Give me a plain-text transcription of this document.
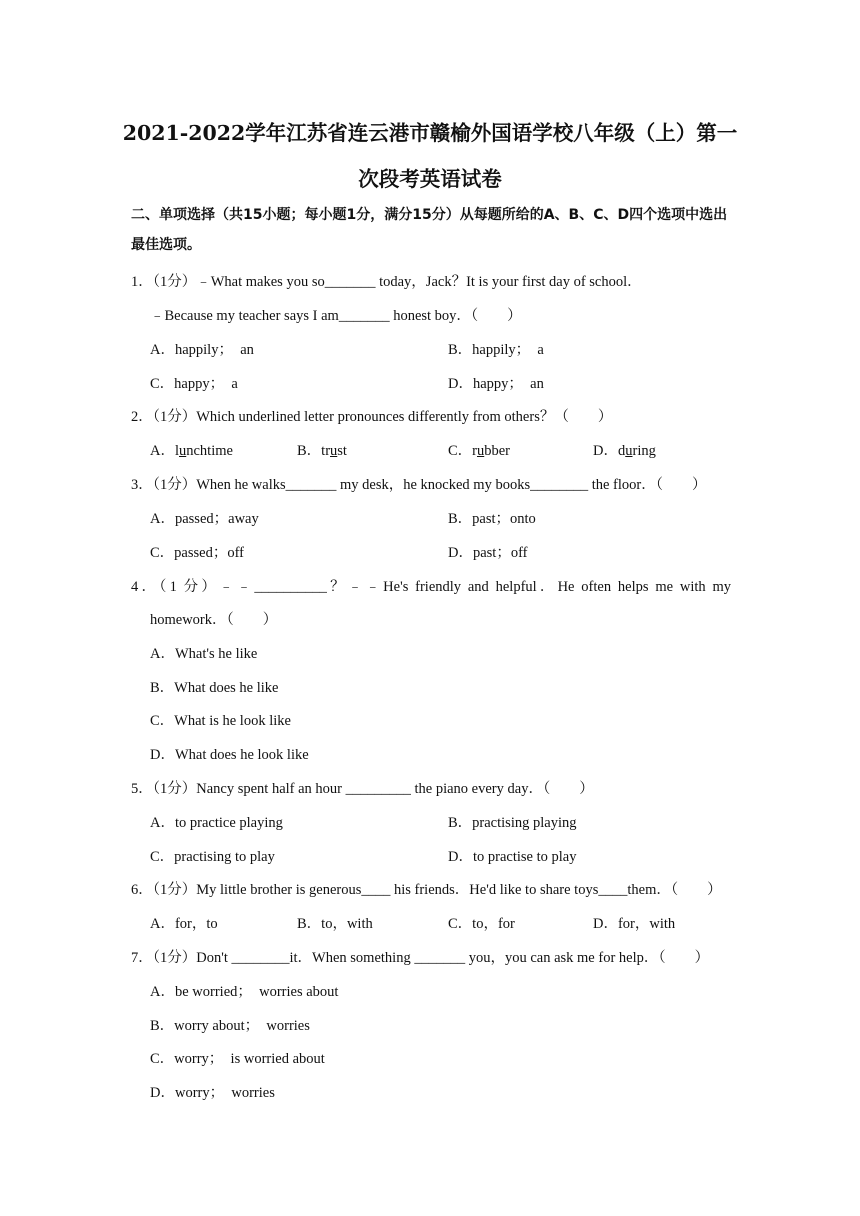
2021-2022学年江苏省连云港市赣榆外国语学校八年级（上）第一次段考英语试卷
二、单项选择（共15小题；每小题1分，满分15分）从每题所给的A、B、C、D四个选项中选出最佳选项。
1．（1分）﹣What makes you so_______ today，Jack？It is your first day of school．
﹣Because my teacher says I am_______ honest boy．（　　）
A．happily；　an	B．happily；　a
C．happy；　a	D．happy；　an
2．（1分）Which underlined letter pronounces differently from others？（　　）
A．lunchtime	B．trust	C．rubber	D．during
3．（1分）When he walks_______ my desk，he knocked my books________ the floor．（　　）
A．passed；away	B．past；onto
C．passed；off	D．past；off
4．（1 分）﹣﹣__________？﹣﹣He's friendly and helpful．He often helps me with my
homework．（　　）
A．What's he like
B．What does he like
C．What is he look like
D．What does he look like
5．（1分）Nancy spent half an hour _________ the piano every day．（　　）
A．to practice playing	B．practising playing
C．practising to play	D．to practise to play
6．（1分）My little brother is generous____ his friends．He'd like to share toys____them．（　　）
A．for，to	B．to，with	C．to，for	D．for，with
7．（1分）Don't ________it．When something _______ you，you can ask me for help．（　　）
A．be worried；　worries about
B．worry about；　worries
C．worry；　is worried about
D．worry；　worries
